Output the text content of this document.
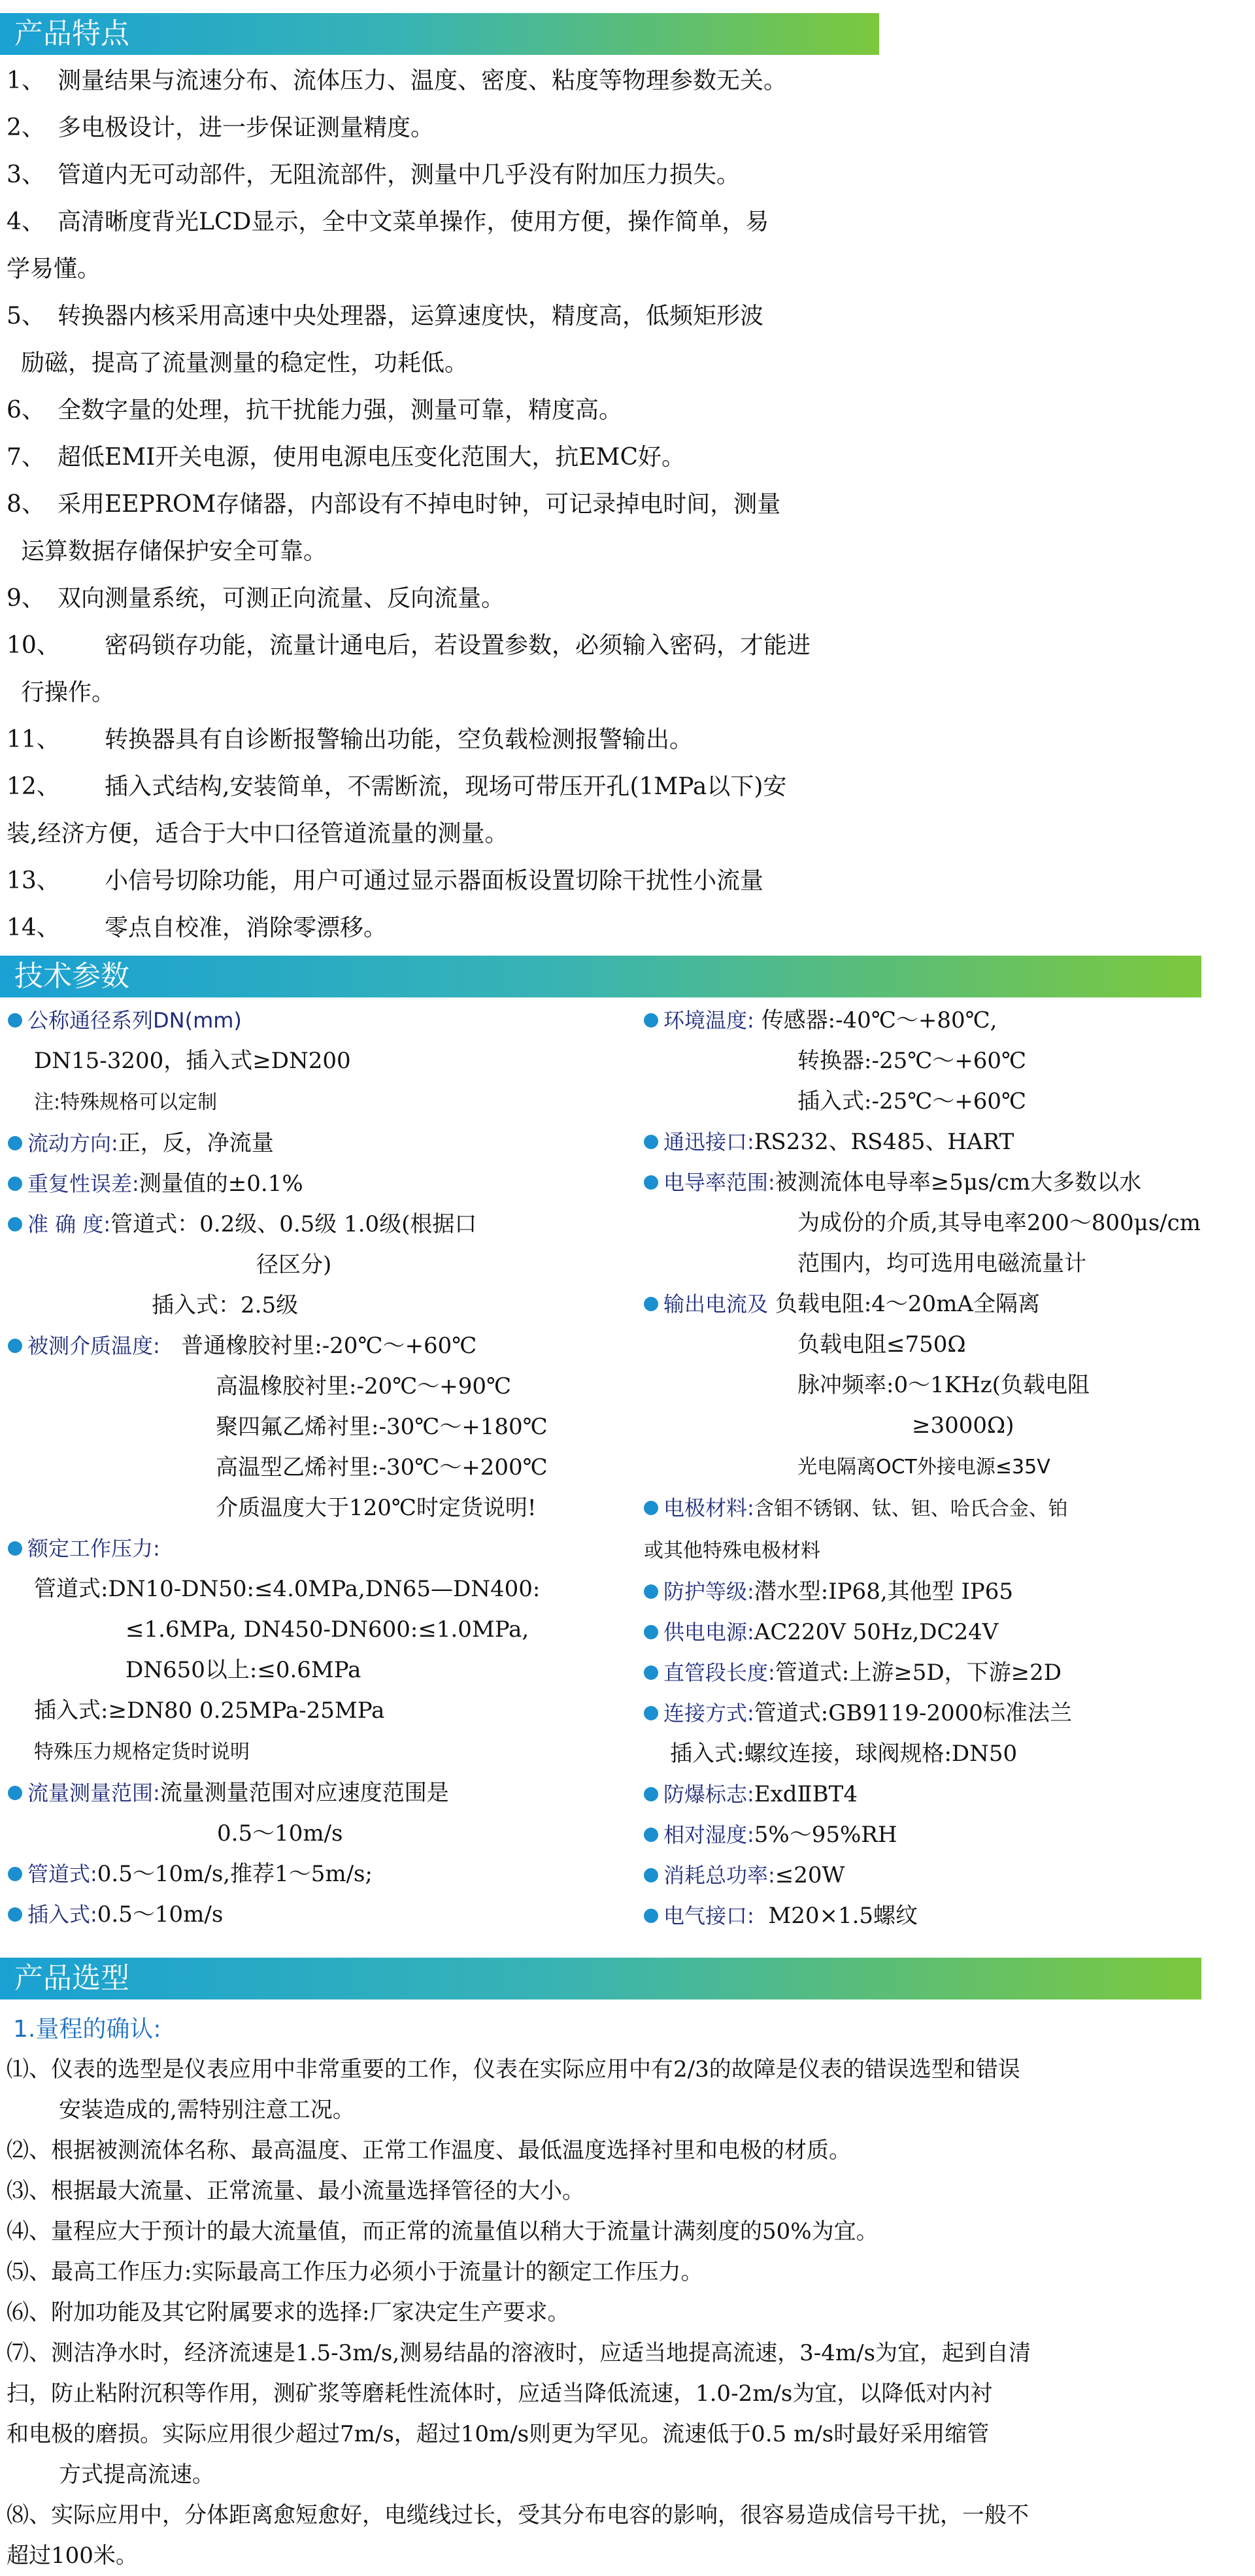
产品特点
1、 测量结果与流速分布、流体压力、温度、密度、粘度等物理参数无关。
2、 多电极设计，进一步保证测量精度。
3、 管道内无可动部件，无阻流部件，测量中几乎没有附加压力损失。
4、 高清晰度背光LCD显示，全中文菜单操作，使用方便，操作简单，易
学易懂。
5、 转换器内核采用高速中央处理器，运算速度快，精度高，低频矩形波
励磁，提高了流量测量的稳定性，功耗低。
6、 全数字量的处理，抗干扰能力强，测量可靠，精度高。
7、 超低EMI开关电源，使用电源电压变化范围大，抗EMC好。
8、 采用EEPROM存储器，内部设有不掉电时钟，可记录掉电时间，测量
运算数据存储保护安全可靠。
9、 双向测量系统，可测正向流量、反向流量。
10、 密码锁存功能，流量计通电后，若设置参数，必须输入密码，才能进
行操作。
11、 转换器具有自诊断报警输出功能，空负载检测报警输出。
12、 插入式结构,安装简单，不需断流，现场可带压开孔(1MPa以下)安
装,经济方便，适合于大中口径管道流量的测量。
13、 小信号切除功能，用户可通过显示器面板设置切除干扰性小流量
14、 零点自校准，消除零漂移。
技术参数
公称通径系列DN(mm)
DN15-3200，插入式≥DN200
注:特殊规格可以定制
流动方向:正，反，净流量
重复性误差:测量值的±0.1%
准 确 度:管道式：0.2级、0.5级 1.0级(根据口
径区分)
插入式：2.5级
被测介质温度: 普通橡胶衬里:-20℃～+60℃
高温橡胶衬里:-20℃～+90℃
聚四氟乙烯衬里:-30℃～+180℃
高温型乙烯衬里:-30℃～+200℃
介质温度大于120℃时定货说明!
额定工作压力:
管道式:DN10-DN50:≤4.0MPa,DN65—DN400:
≤1.6MPa, DN450-DN600:≤1.0MPa,
DN650以上:≤0.6MPa
插入式:≥DN80 0.25MPa-25MPa
特殊压力规格定货时说明
流量测量范围:流量测量范围对应速度范围是
0.5～10m/s
管道式:0.5～10m/s,推荐1～5m/s;
插入式:0.5～10m/s
环境温度: 传感器:-40℃～+80℃,
转换器:-25℃～+60℃
插入式:-25℃～+60℃
通迅接口:RS232、RS485、HART
电导率范围:被测流体电导率≥5μs/cm大多数以水
为成份的介质,其导电率200～800μs/cm
范围内，均可选用电磁流量计
输出电流及 负载电阻:4～20mA全隔离
负载电阻≤750Ω
脉冲频率:0～1KHz(负载电阻
≥3000Ω)
光电隔离OCT外接电源≤35V
电极材料:含钼不锈钢、钛、钽、哈氏合金、铂
或其他特殊电极材料
防护等级:潜水型:IP68,其他型 IP65
供电电源:AC220V 50Hz,DC24V
直管段长度:管道式:上游≥5D，下游≥2D
连接方式:管道式:GB9119-2000标准法兰
插入式:螺纹连接，球阀规格:DN50
防爆标志:ExdⅡBT4
相对湿度:5%～95%RH
消耗总功率:≤20W
电气接口: M20×1.5螺纹
产品选型
1.量程的确认:
⑴、仪表的选型是仪表应用中非常重要的工作，仪表在实际应用中有2/3的故障是仪表的错误选型和错误
安装造成的,需特别注意工况。
⑵、根据被测流体名称、最高温度、正常工作温度、最低温度选择衬里和电极的材质。
⑶、根据最大流量、正常流量、最小流量选择管径的大小。
⑷、量程应大于预计的最大流量值，而正常的流量值以稍大于流量计满刻度的50%为宜。
⑸、最高工作压力:实际最高工作压力必须小于流量计的额定工作压力。
⑹、附加功能及其它附属要求的选择:厂家决定生产要求。
⑺、测洁净水时，经济流速是1.5-3m/s,测易结晶的溶液时，应适当地提高流速，3-4m/s为宜，起到自清
扫，防止粘附沉积等作用，测矿浆等磨耗性流体时，应适当降低流速，1.0-2m/s为宜，以降低对内衬
和电极的磨损。实际应用很少超过7m/s，超过10m/s则更为罕见。流速低于0.5 m/s时最好采用缩管
方式提高流速。
⑻、实际应用中，分体距离愈短愈好，电缆线过长，受其分布电容的影响，很容易造成信号干扰，一般不
超过100米。
